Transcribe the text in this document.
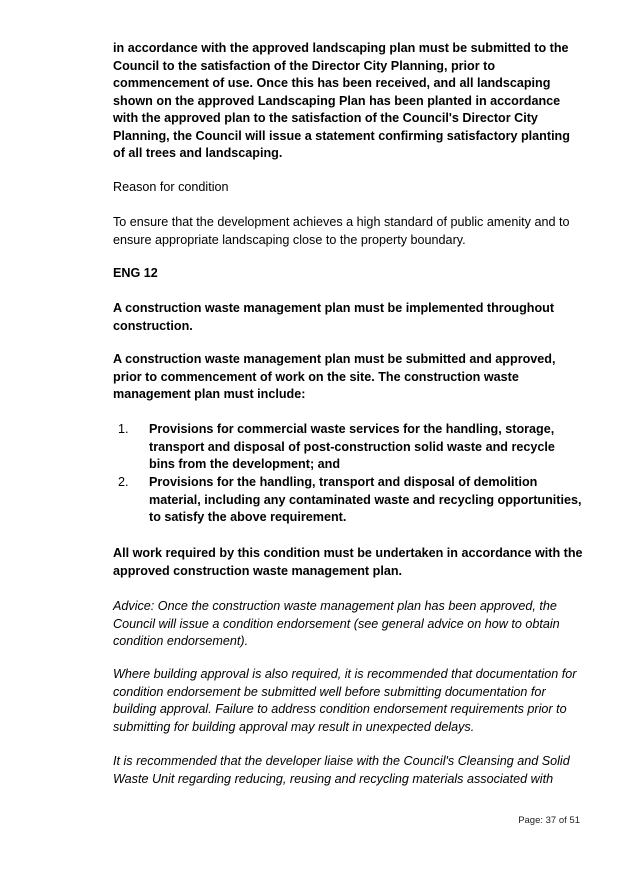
in accordance with the approved landscaping plan must be submitted to the Council to the satisfaction of the Director City Planning, prior to commencement of use. Once this has been received, and all landscaping shown on the approved Landscaping Plan has been planted in accordance with the approved plan to the satisfaction of the Council's Director City Planning, the Council will issue a statement confirming satisfactory planting of all trees and landscaping.

Reason for condition

To ensure that the development achieves a high standard of public amenity and to ensure appropriate landscaping close to the property boundary.

ENG 12

A construction waste management plan must be implemented throughout construction.

A construction waste management plan must be submitted and approved, prior to commencement of work on the site. The construction waste management plan must include:

1.	Provisions for commercial waste services for the handling, storage, transport and disposal of post-construction solid waste and recycle bins from the development; and
2.	Provisions for the handling, transport and disposal of demolition material, including any contaminated waste and recycling opportunities, to satisfy the above requirement.

All work required by this condition must be undertaken in accordance with the approved construction waste management plan.

Advice: Once the construction waste management plan has been approved, the Council will issue a condition endorsement (see general advice on how to obtain condition endorsement).

Where building approval is also required, it is recommended that documentation for condition endorsement be submitted well before submitting documentation for building approval. Failure to address condition endorsement requirements prior to submitting for building approval may result in unexpected delays.

It is recommended that the developer liaise with the Council's Cleansing and Solid Waste Unit regarding reducing, reusing and recycling materials associated with

Page: 37 of 51
